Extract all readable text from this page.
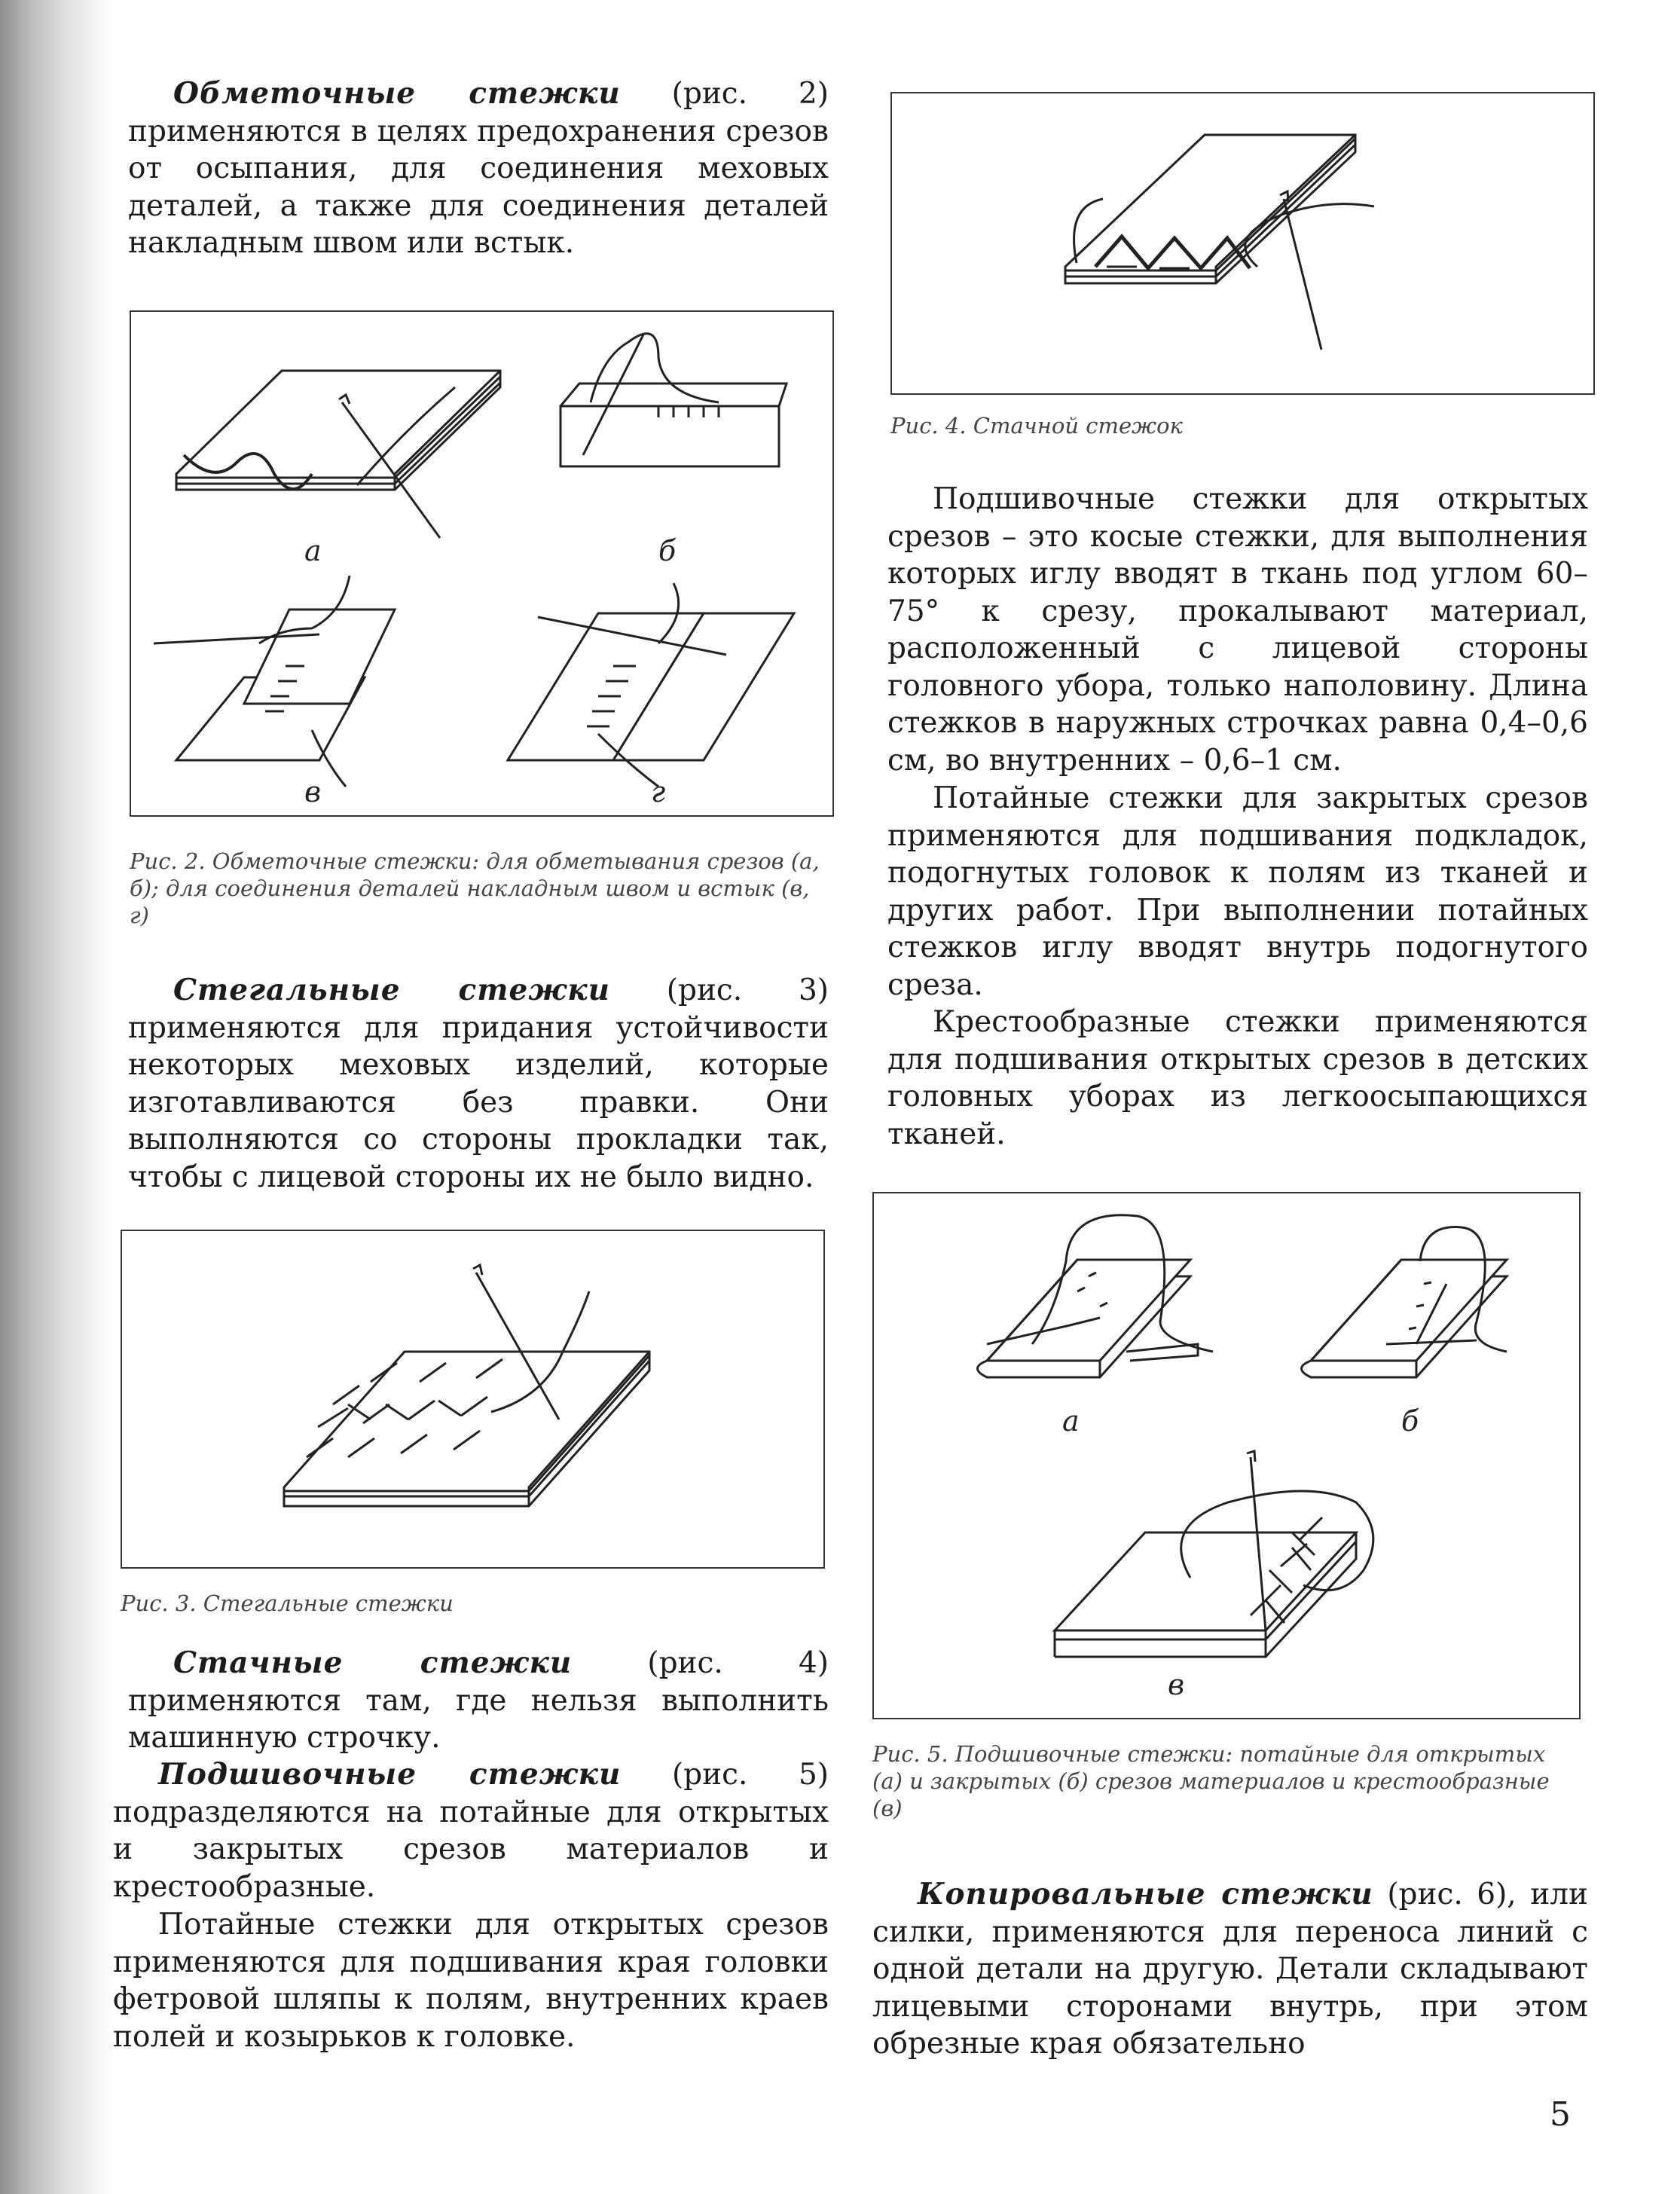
Обметочные стежки (рис. 2) применяются в целях предохранения срезов от осыпания, для соединения меховых деталей, а также для соединения деталей накладным швом или встык.

а	б
в	г

Рис. 2. Обметочные стежки: для обметывания срезов (а, б); для соединения деталей накладным швом и встык (в, г)

Стегальные стежки (рис. 3) применяются для придания устойчивости некоторых меховых изделий, которые изготавливаются без правки. Они выполняются со стороны прокладки так, чтобы с лицевой стороны их не было видно.

Рис. 3. Стегальные стежки

Стачные стежки (рис. 4) применяются там, где нельзя выполнить машинную строчку.

Подшивочные стежки (рис. 5) подразделяются на потайные для открытых и закрытых срезов материалов и крестообразные.

Потайные стежки для открытых срезов применяются для подшивания края головки фетровой шляпы к полям, внутренних краев полей и козырьков к головке.

Рис. 4. Стачной стежок

Подшивочные стежки для открытых срезов – это косые стежки, для выполнения которых иглу вводят в ткань под углом 60–75° к срезу, прокалывают материал, расположенный с лицевой стороны головного убора, только наполовину. Длина стежков в наружных строчках равна 0,4–0,6 см, во внутренних – 0,6–1 см.

Потайные стежки для закрытых срезов применяются для подшивания подкладок, подогнутых головок к полям из тканей и других работ. При выполнении потайных стежков иглу вводят внутрь подогнутого среза.

Крестообразные стежки применяются для подшивания открытых срезов в детских головных уборах из легкоосыпающихся тканей.

а	б
в

Рис. 5. Подшивочные стежки: потайные для открытых (а) и закрытых (б) срезов материалов и крестообразные (в)

Копировальные стежки (рис. 6), или силки, применяются для переноса линий с одной детали на другую. Детали складывают лицевыми сторонами внутрь, при этом обрезные края обязательно

5
